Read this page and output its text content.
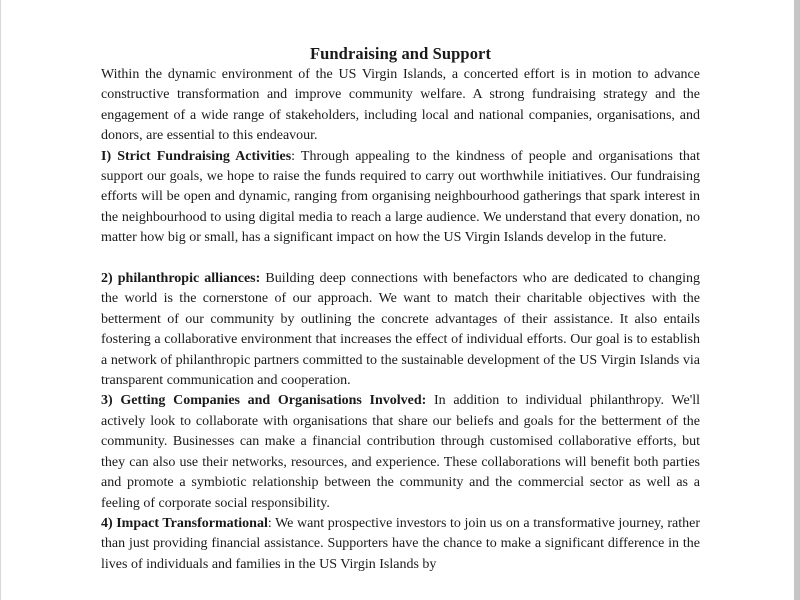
Fundraising and Support

Within the dynamic environment of the US Virgin Islands, a concerted effort is in motion to advance constructive transformation and improve community welfare. A strong fundraising strategy and the engagement of a wide range of stakeholders, including local and national companies, organisations, and donors, are essential to this endeavour.

I) Strict Fundraising Activities: Through appealing to the kindness of people and organisations that support our goals, we hope to raise the funds required to carry out worthwhile initiatives. Our fundraising efforts will be open and dynamic, ranging from organising neighbourhood gatherings that spark interest in the neighbourhood to using digital media to reach a large audience. We understand that every donation, no matter how big or small, has a significant impact on how the US Virgin Islands develop in the future.

2) philanthropic alliances: Building deep connections with benefactors who are dedicated to changing the world is the cornerstone of our approach. We want to match their charitable objectives with the betterment of our community by outlining the concrete advantages of their assistance. It also entails fostering a collaborative environment that increases the effect of individual efforts. Our goal is to establish a network of philanthropic partners committed to the sustainable development of the US Virgin Islands via transparent communication and cooperation.

3) Getting Companies and Organisations Involved: In addition to individual philanthropy. We'll actively look to collaborate with organisations that share our beliefs and goals for the betterment of the community. Businesses can make a financial contribution through customised collaborative efforts, but they can also use their networks, resources, and experience. These collaborations will benefit both parties and promote a symbiotic relationship between the community and the commercial sector as well as a feeling of corporate social responsibility.

4) Impact Transformational: We want prospective investors to join us on a transformative journey, rather than just providing financial assistance. Supporters have the chance to make a significant difference in the lives of individuals and families in the US Virgin Islands by
